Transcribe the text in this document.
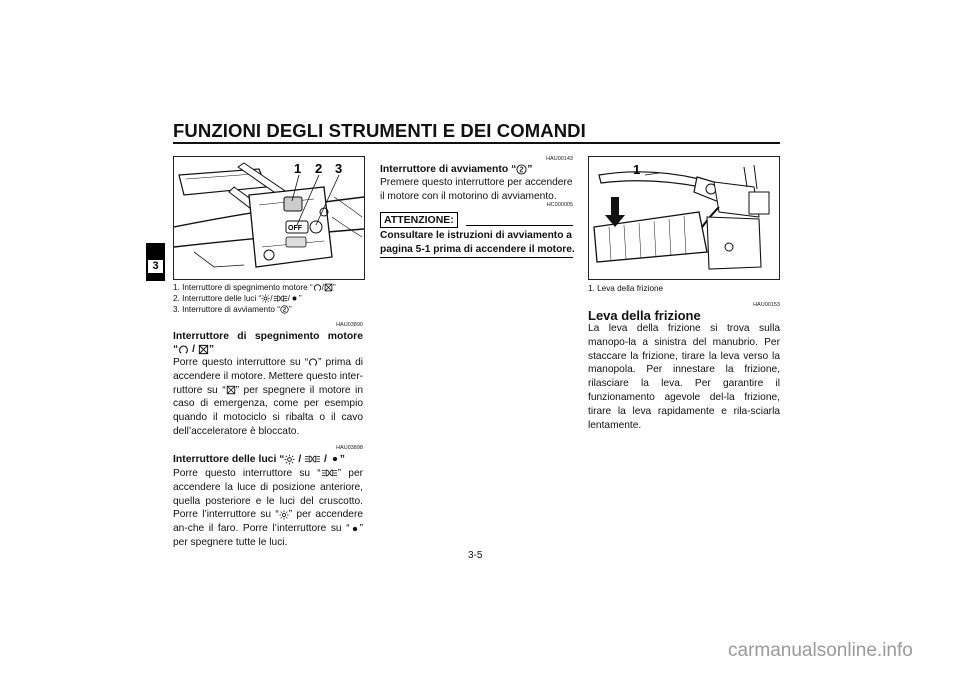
FUNZIONI DEGLI STRUMENTI E DEI COMANDI
3
OFF
1 2 3
1. Interruttore di spegnimento motore “ / ”
2. Interruttore delle luci “ / / ”
3. Interruttore di avviamento “ ”
HAU03890
Interruttore di spegnimento motore
“ / ”
Porre questo interruttore su “ ” prima di accendere il motore. Mettere questo inter-ruttore su “ ” per spegnere il motore in caso di emergenza, come per esempio quando il motociclo si ribalta o il cavo dell’acceleratore è bloccato.
HAU03898
Interruttore delle luci “ /  / ”
Porre questo interruttore su “ ” per accendere la luce di posizione anteriore, quella posteriore e le luci del cruscotto. Porre l’interruttore su “ ” per accendere an-che il faro. Porre l’interruttore su “ ” per spegnere tutte le luci.
HAU00143
Interruttore di avviamento “ ”
Premere questo interruttore per accendere il motore con il motorino di avviamento.
HC000005
ATTENZIONE:
Consultare le istruzioni di avviamento a pagina 5-1 prima di accendere il motore.
1
1. Leva della frizione
HAU00153
Leva della frizione
La leva della frizione si trova sulla manopo-la a sinistra del manubrio. Per staccare la frizione, tirare la leva verso la manopola. Per innestare la frizione, rilasciare la leva. Per garantire il funzionamento agevole del-la frizione, tirare la leva rapidamente e rila-sciarla lentamente.
3-5
carmanualsonline.info
